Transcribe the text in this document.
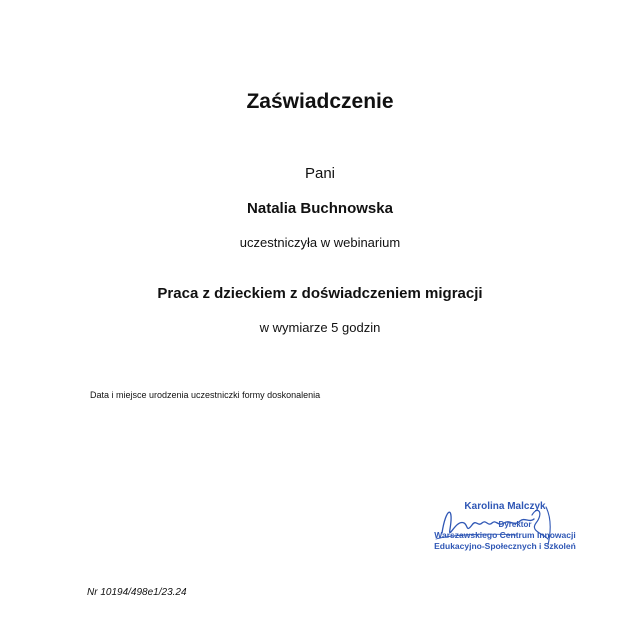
Zaświadczenie
Pani
Natalia Buchnowska
uczestniczyła w webinarium
Praca z dzieckiem z doświadczeniem migracji
w wymiarze 5 godzin
Data i miejsce urodzenia uczestniczki formy doskonalenia
Karolina Malczyk
Dyrektor
Warszawskiego Centrum Innowacji
Edukacyjno-Społecznych i Szkoleń
Nr 10194/498e1/23.24
